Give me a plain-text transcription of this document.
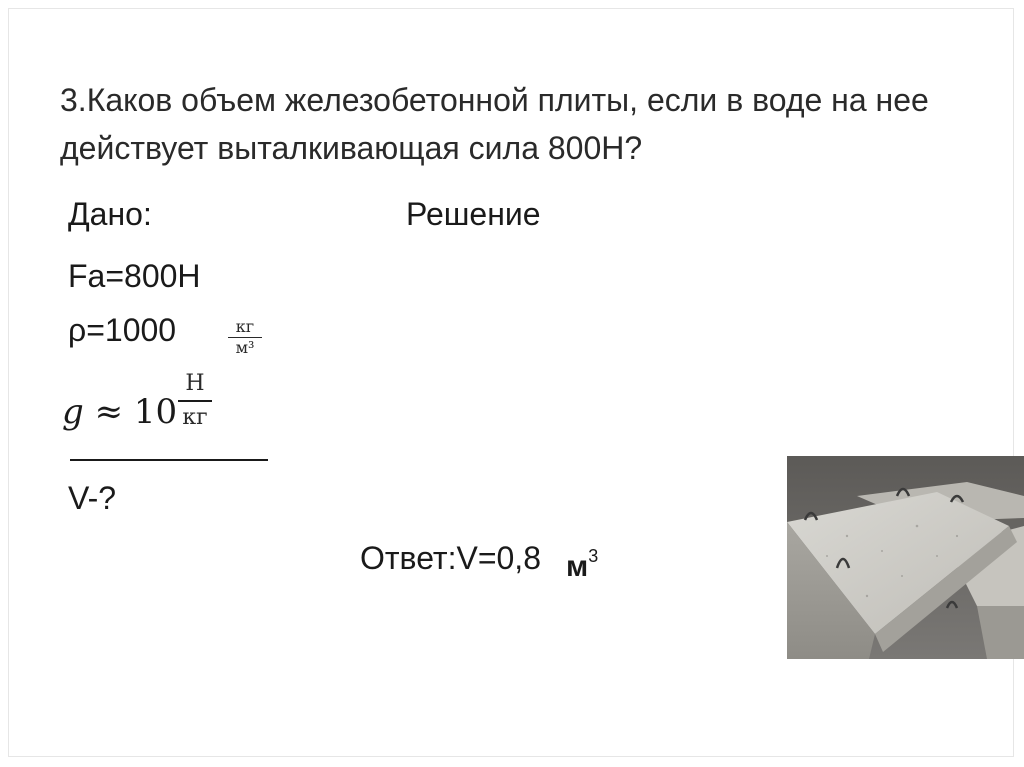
3.Каков объем железобетонной плиты, если в воде на нее действует выталкивающая сила 800Н?
Дано:	Решение
Fa=800H
ρ=1000	кг
м³
g ≈ 10
Н
кг
V-?
Ответ:V=0,8 $м^3$
